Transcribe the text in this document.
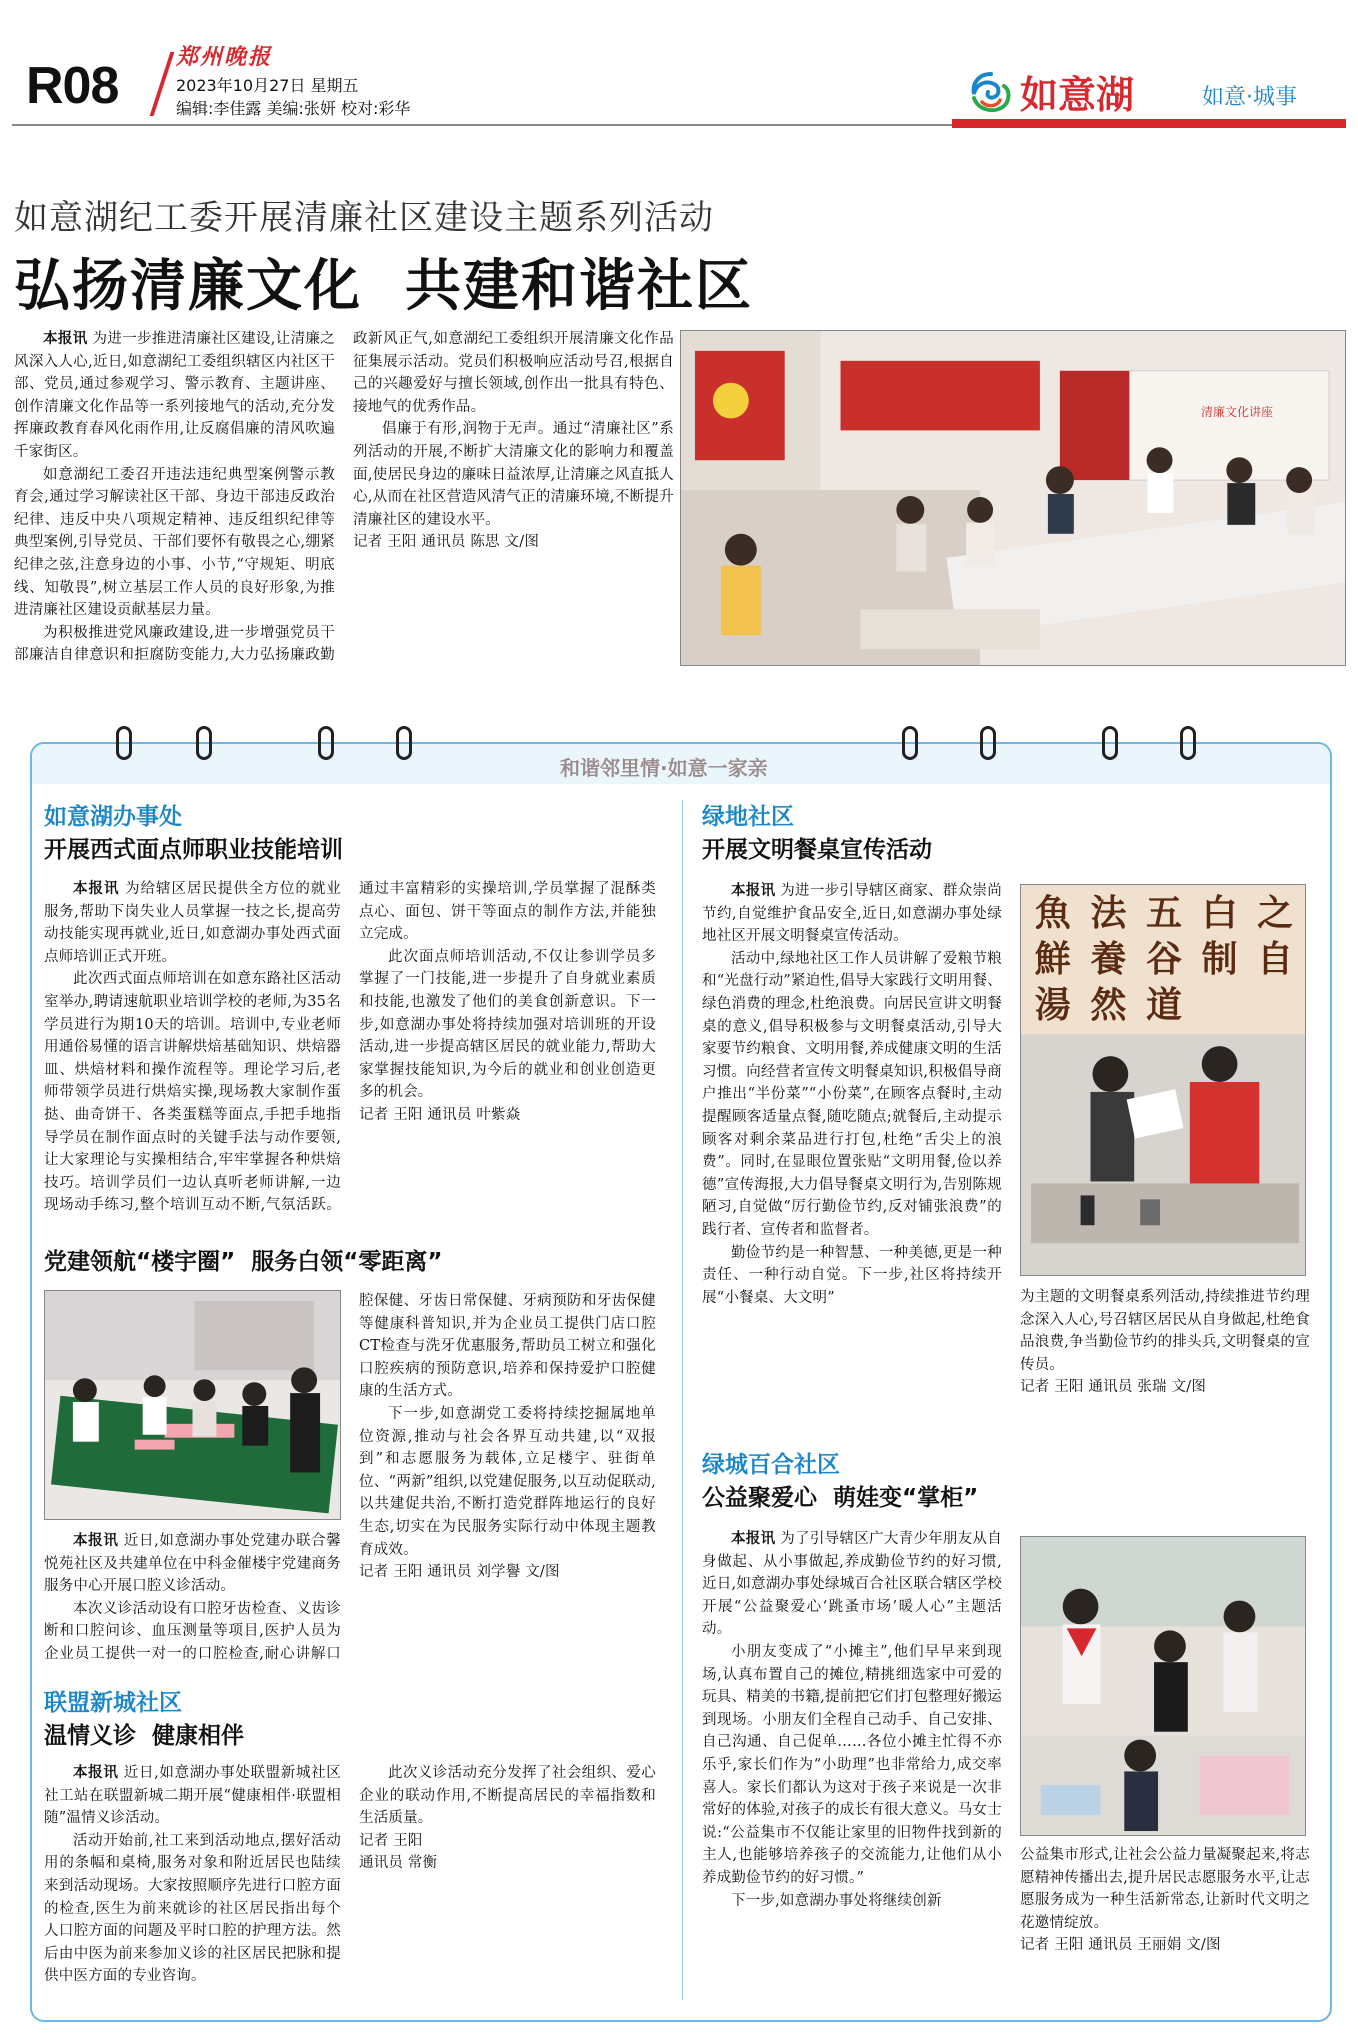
R08	郑州晚报
2023年10月27日 星期五
编辑:李佳露 美编:张妍 校对:彩华	如意湖	如意·城事
如意湖纪工委开展清廉社区建设主题系列活动
弘扬清廉文化  共建和谐社区

本报讯 为进一步推进清廉社区建设,让清廉之风深入人心,近日,如意湖纪工委组织辖区内社区干部、党员,通过参观学习、警示教育、主题讲座、创作清廉文化作品等一系列接地气的活动,充分发挥廉政教育春风化雨作用,让反腐倡廉的清风吹遍千家街区。

如意湖纪工委召开违法违纪典型案例警示教育会,通过学习解读社区干部、身边干部违反政治纪律、违反中央八项规定精神、违反组织纪律等典型案例,引导党员、干部们要怀有敬畏之心,绷紧纪律之弦,注意身边的小事、小节,“守规矩、明底线、知敬畏”,树立基层工作人员的良好形象,为推进清廉社区建设贡献基层力量。

为积极推进党风廉政建设,进一步增强党员干部廉洁自律意识和拒腐防变能力,大力弘扬廉政勤政新风正气,如意湖纪工委组织开展清廉文化作品征集展示活动。党员们积极响应活动号召,根据自己的兴趣爱好与擅长领域,创作出一批具有特色、接地气的优秀作品。

倡廉于有形,润物于无声。通过“清廉社区”系列活动的开展,不断扩大清廉文化的影响力和覆盖面,使居民身边的廉味日益浓厚,让清廉之风直抵人心,从而在社区营造风清气正的清廉环境,不断提升清廉社区的建设水平。

记者 王阳 通讯员 陈思 文/图

清廉文化讲座
和谐邻里情·如意一家亲
如意湖办事处
开展西式面点师职业技能培训

本报讯 为给辖区居民提供全方位的就业服务,帮助下岗失业人员掌握一技之长,提高劳动技能实现再就业,近日,如意湖办事处西式面点师培训正式开班。

此次西式面点师培训在如意东路社区活动室举办,聘请速航职业培训学校的老师,为35名学员进行为期10天的培训。培训中,专业老师用通俗易懂的语言讲解烘焙基础知识、烘焙器皿、烘焙材料和操作流程等。理论学习后,老师带领学员进行烘焙实操,现场教大家制作蛋挞、曲奇饼干、各类蛋糕等面点,手把手地指导学员在制作面点时的关键手法与动作要领,让大家理论与实操相结合,牢牢掌握各种烘焙技巧。培训学员们一边认真听老师讲解,一边现场动手练习,整个培训互动不断,气氛活跃。通过丰富精彩的实操培训,学员掌握了混酥类点心、面包、饼干等面点的制作方法,并能独立完成。

此次面点师培训活动,不仅让参训学员多掌握了一门技能,进一步提升了自身就业素质和技能,也激发了他们的美食创新意识。下一步,如意湖办事处将持续加强对培训班的开设活动,进一步提高辖区居民的就业能力,帮助大家掌握技能知识,为今后的就业和创业创造更多的机会。

记者 王阳 通讯员 叶紫焱

党建领航“楼宇圈”  服务白领“零距离”

本报讯 近日,如意湖办事处党建办联合馨悦苑社区及共建单位在中科金催楼宇党建商务服务中心开展口腔义诊活动。

本次义诊活动设有口腔牙齿检查、义齿诊断和口腔问诊、血压测量等项目,医护人员为企业员工提供一对一的口腔检查,耐心讲解口腔保健、牙齿日常保健、牙病预防和牙齿保健等健康科普知识,并为企业员工提供门店口腔CT检查与洗牙优惠服务,帮助员工树立和强化口腔疾病的预防意识,培养和保持爱护口腔健康的生活方式。

下一步,如意湖党工委将持续挖掘属地单位资源,推动与社会各界互动共建,以“双报到”和志愿服务为载体,立足楼宇、驻街单位、“两新”组织,以党建促服务,以互动促联动,以共建促共治,不断打造党群阵地运行的良好生态,切实在为民服务实际行动中体现主题教育成效。

记者 王阳 通讯员 刘学譽 文/图

联盟新城社区
温情义诊  健康相伴

本报讯 近日,如意湖办事处联盟新城社区社工站在联盟新城二期开展“健康相伴·联盟相随”温情义诊活动。

活动开始前,社工来到活动地点,摆好活动用的条幅和桌椅,服务对象和附近居民也陆续来到活动现场。大家按照顺序先进行口腔方面的检查,医生为前来就诊的社区居民指出每个人口腔方面的问题及平时口腔的护理方法。然后由中医为前来参加义诊的社区居民把脉和提供中医方面的专业咨询。

此次义诊活动充分发挥了社会组织、爱心企业的联动作用,不断提高居民的幸福指数和生活质量。

记者 王阳

通讯员 常衡

绿地社区
开展文明餐桌宣传活动

本报讯 为进一步引导辖区商家、群众崇尚节约,自觉维护食品安全,近日,如意湖办事处绿地社区开展文明餐桌宣传活动。

活动中,绿地社区工作人员讲解了爱粮节粮和“光盘行动”紧迫性,倡导大家践行文明用餐、绿色消费的理念,杜绝浪费。向居民宣讲文明餐桌的意义,倡导积极参与文明餐桌活动,引导大家要节约粮食、文明用餐,养成健康文明的生活习惯。向经营者宣传文明餐桌知识,积极倡导商户推出“半份菜”“小份菜”,在顾客点餐时,主动提醒顾客适量点餐,随吃随点;就餐后,主动提示顾客对剩余菜品进行打包,杜绝“舌尖上的浪费”。同时,在显眼位置张贴“文明用餐,俭以养德”宣传海报,大力倡导餐桌文明行为,告别陈规陋习,自觉做“厉行勤俭节约,反对铺张浪费”的践行者、宣传者和监督者。

勤俭节约是一种智慧、一种美德,更是一种责任、一种行动自觉。下一步,社区将持续开展“小餐桌、大文明”

魚 法 五 白 之
鮮 養 谷 制 自
湯 然 道

为主题的文明餐桌系列活动,持续推进节约理念深入人心,号召辖区居民从自身做起,杜绝食品浪费,争当勤俭节约的排头兵,文明餐桌的宣传员。

记者 王阳 通讯员 张瑞 文/图

绿城百合社区
公益聚爱心  萌娃变“掌柜”

本报讯 为了引导辖区广大青少年朋友从自身做起、从小事做起,养成勤俭节约的好习惯,近日,如意湖办事处绿城百合社区联合辖区学校开展“公益聚爱心‘跳蚤市场’暖人心”主题活动。

小朋友变成了“小摊主”,他们早早来到现场,认真布置自己的摊位,精挑细选家中可爱的玩具、精美的书籍,提前把它们打包整理好搬运到现场。小朋友们全程自己动手、自己安排、自己沟通、自己促单……各位小摊主忙得不亦乐乎,家长们作为“小助理”也非常给力,成交率喜人。家长们都认为这对于孩子来说是一次非常好的体验,对孩子的成长有很大意义。马女士说:“公益集市不仅能让家里的旧物件找到新的主人,也能够培养孩子的交流能力,让他们从小养成勤俭节约的好习惯。”

下一步,如意湖办事处将继续创新

公益集市形式,让社会公益力量凝聚起来,将志愿精神传播出去,提升居民志愿服务水平,让志愿服务成为一种生活新常态,让新时代文明之花邀情绽放。

记者 王阳 通讯员 王丽娟 文/图
